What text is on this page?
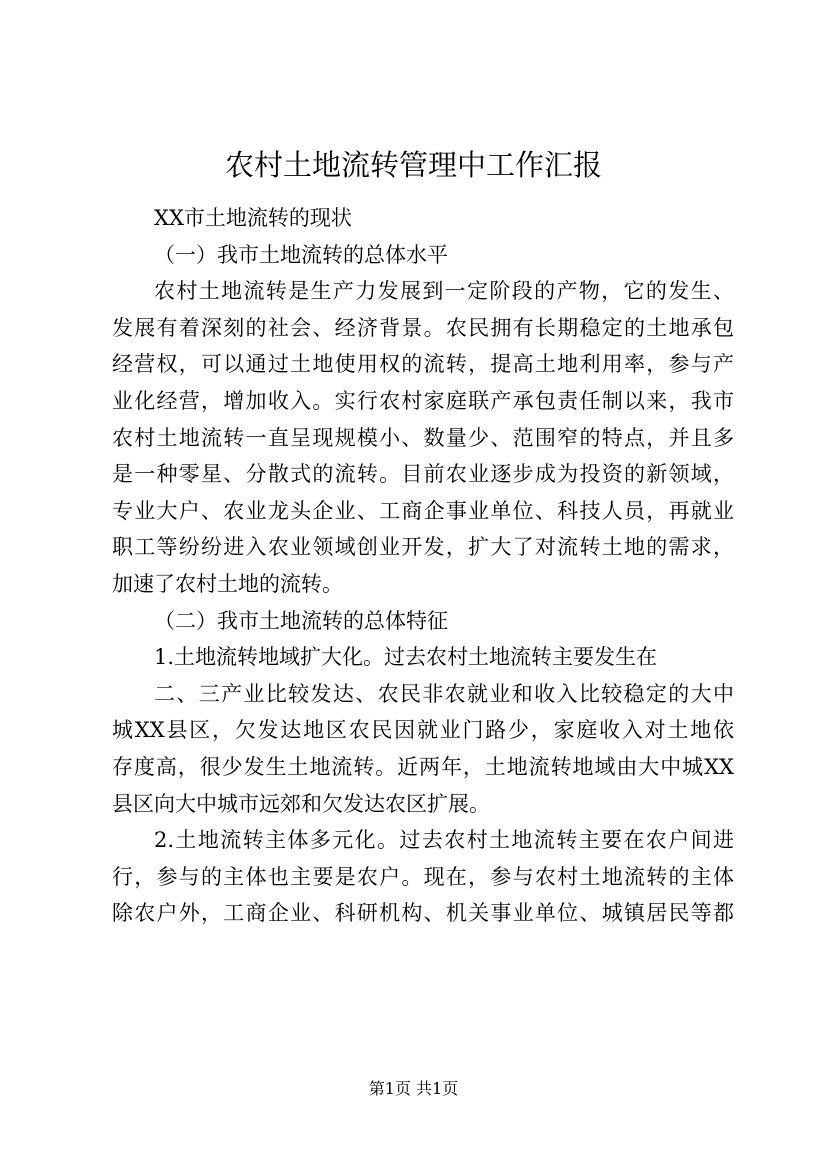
农村土地流转管理中工作汇报
XX市土地流转的现状
（一）我市土地流转的总体水平
农村土地流转是生产力发展到一定阶段的产物，它的发生、
发展有着深刻的社会、经济背景。农民拥有长期稳定的土地承包
经营权，可以通过土地使用权的流转，提高土地利用率，参与产
业化经营，增加收入。实行农村家庭联产承包责任制以来，我市
农村土地流转一直呈现规模小、数量少、范围窄的特点，并且多
是一种零星、分散式的流转。目前农业逐步成为投资的新领域，
专业大户、农业龙头企业、工商企事业单位、科技人员，再就业
职工等纷纷进入农业领域创业开发，扩大了对流转土地的需求，
加速了农村土地的流转。
（二）我市土地流转的总体特征
1.土地流转地域扩大化。过去农村土地流转主要发生在
二、三产业比较发达、农民非农就业和收入比较稳定的大中
城XX县区，欠发达地区农民因就业门路少，家庭收入对土地依
存度高，很少发生土地流转。近两年，土地流转地域由大中城XX
县区向大中城市远郊和欠发达农区扩展。
2.土地流转主体多元化。过去农村土地流转主要在农户间进
行，参与的主体也主要是农户。现在，参与农村土地流转的主体
除农户外，工商企业、科研机构、机关事业单位、城镇居民等都
第1页 共1页
